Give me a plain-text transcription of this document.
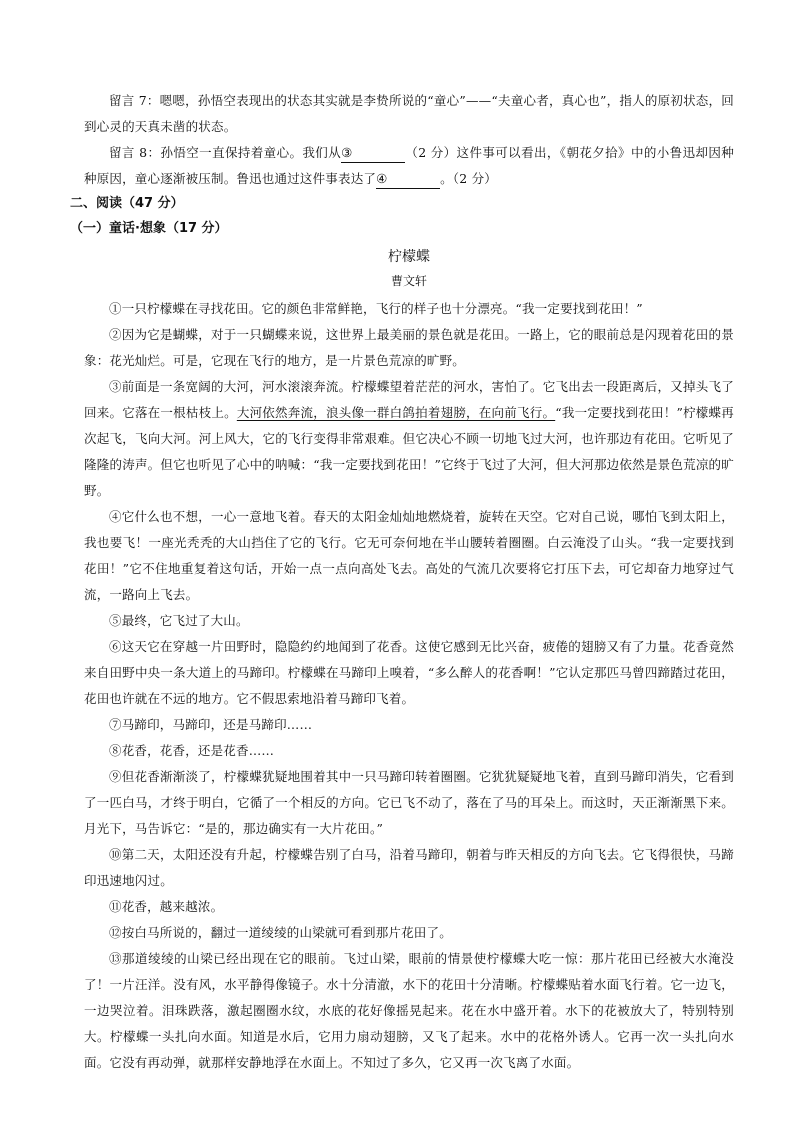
留言 7：嗯嗯，孙悟空表现出的状态其实就是李贽所说的“童心”——“夫童心者，真心也”，指人的原初状态，回到心灵的天真未凿的状态。

留言 8：孙悟空一直保持着童心。我们从③	（2 分）这件事可以看出，《朝花夕拾》中的小鲁迅却因种种原因，童心逐渐被压制。鲁迅也通过这件事表达了④	。（2 分）

二、阅读（47 分）

（一）童话·想象（17 分）

柠檬蝶

曹文轩

①一只柠檬蝶在寻找花田。它的颜色非常鲜艳，飞行的样子也十分漂亮。“我一定要找到花田！”

②因为它是蝴蝶，对于一只蝴蝶来说，这世界上最美丽的景色就是花田。一路上，它的眼前总是闪现着花田的景象：花光灿烂。可是，它现在飞行的地方，是一片景色荒凉的旷野。

③前面是一条宽阔的大河，河水滚滚奔流。柠檬蝶望着茫茫的河水，害怕了。它飞出去一段距离后，又掉头飞了回来。它落在一根枯枝上。大河依然奔流，浪头像一群白鸽拍着翅膀，在向前飞行。“我一定要找到花田！”柠檬蝶再次起飞，飞向大河。河上风大，它的飞行变得非常艰难。但它决心不顾一切地飞过大河，也许那边有花田。它听见了隆隆的涛声。但它也听见了心中的呐喊：“我一定要找到花田！”它终于飞过了大河，但大河那边依然是景色荒凉的旷野。

④它什么也不想，一心一意地飞着。春天的太阳金灿灿地燃烧着，旋转在天空。它对自己说，哪怕飞到太阳上，我也要飞！一座光秃秃的大山挡住了它的飞行。它无可奈何地在半山腰转着圈圈。白云淹没了山头。“我一定要找到花田！”它不住地重复着这句话，开始一点一点向高处飞去。高处的气流几次要将它打压下去，可它却奋力地穿过气流，一路向上飞去。

⑤最终，它飞过了大山。

⑥这天它在穿越一片田野时，隐隐约约地闻到了花香。这使它感到无比兴奋，疲倦的翅膀又有了力量。花香竟然来自田野中央一条大道上的马蹄印。柠檬蝶在马蹄印上嗅着，“多么醉人的花香啊！”它认定那匹马曾四蹄踏过花田，花田也许就在不远的地方。它不假思索地沿着马蹄印飞着。

⑦马蹄印，马蹄印，还是马蹄印……

⑧花香，花香，还是花香……

⑨但花香渐渐淡了，柠檬蝶犹疑地围着其中一只马蹄印转着圈圈。它犹犹疑疑地飞着，直到马蹄印消失，它看到了一匹白马，才终于明白，它循了一个相反的方向。它已飞不动了，落在了马的耳朵上。而这时，天正渐渐黑下来。月光下，马告诉它：“是的，那边确实有一大片花田。”

⑩第二天，太阳还没有升起，柠檬蝶告别了白马，沿着马蹄印，朝着与昨天相反的方向飞去。它飞得很快，马蹄印迅速地闪过。

⑪花香，越来越浓。

⑫按白马所说的，翻过一道绫绫的山梁就可看到那片花田了。

⑬那道绫绫的山梁已经出现在它的眼前。飞过山梁，眼前的情景使柠檬蝶大吃一惊：那片花田已经被大水淹没了！一片汪洋。没有风，水平静得像镜子。水十分清澈，水下的花田十分清晰。柠檬蝶贴着水面飞行着。它一边飞，一边哭泣着。泪珠跌落，激起圈圈水纹，水底的花好像摇晃起来。花在水中盛开着。水下的花被放大了，特别特别大。柠檬蝶一头扎向水面。知道是水后，它用力扇动翅膀，又飞了起来。水中的花格外诱人。它再一次一头扎向水面。它没有再动弹，就那样安静地浮在水面上。不知过了多久，它又再一次飞离了水面。
